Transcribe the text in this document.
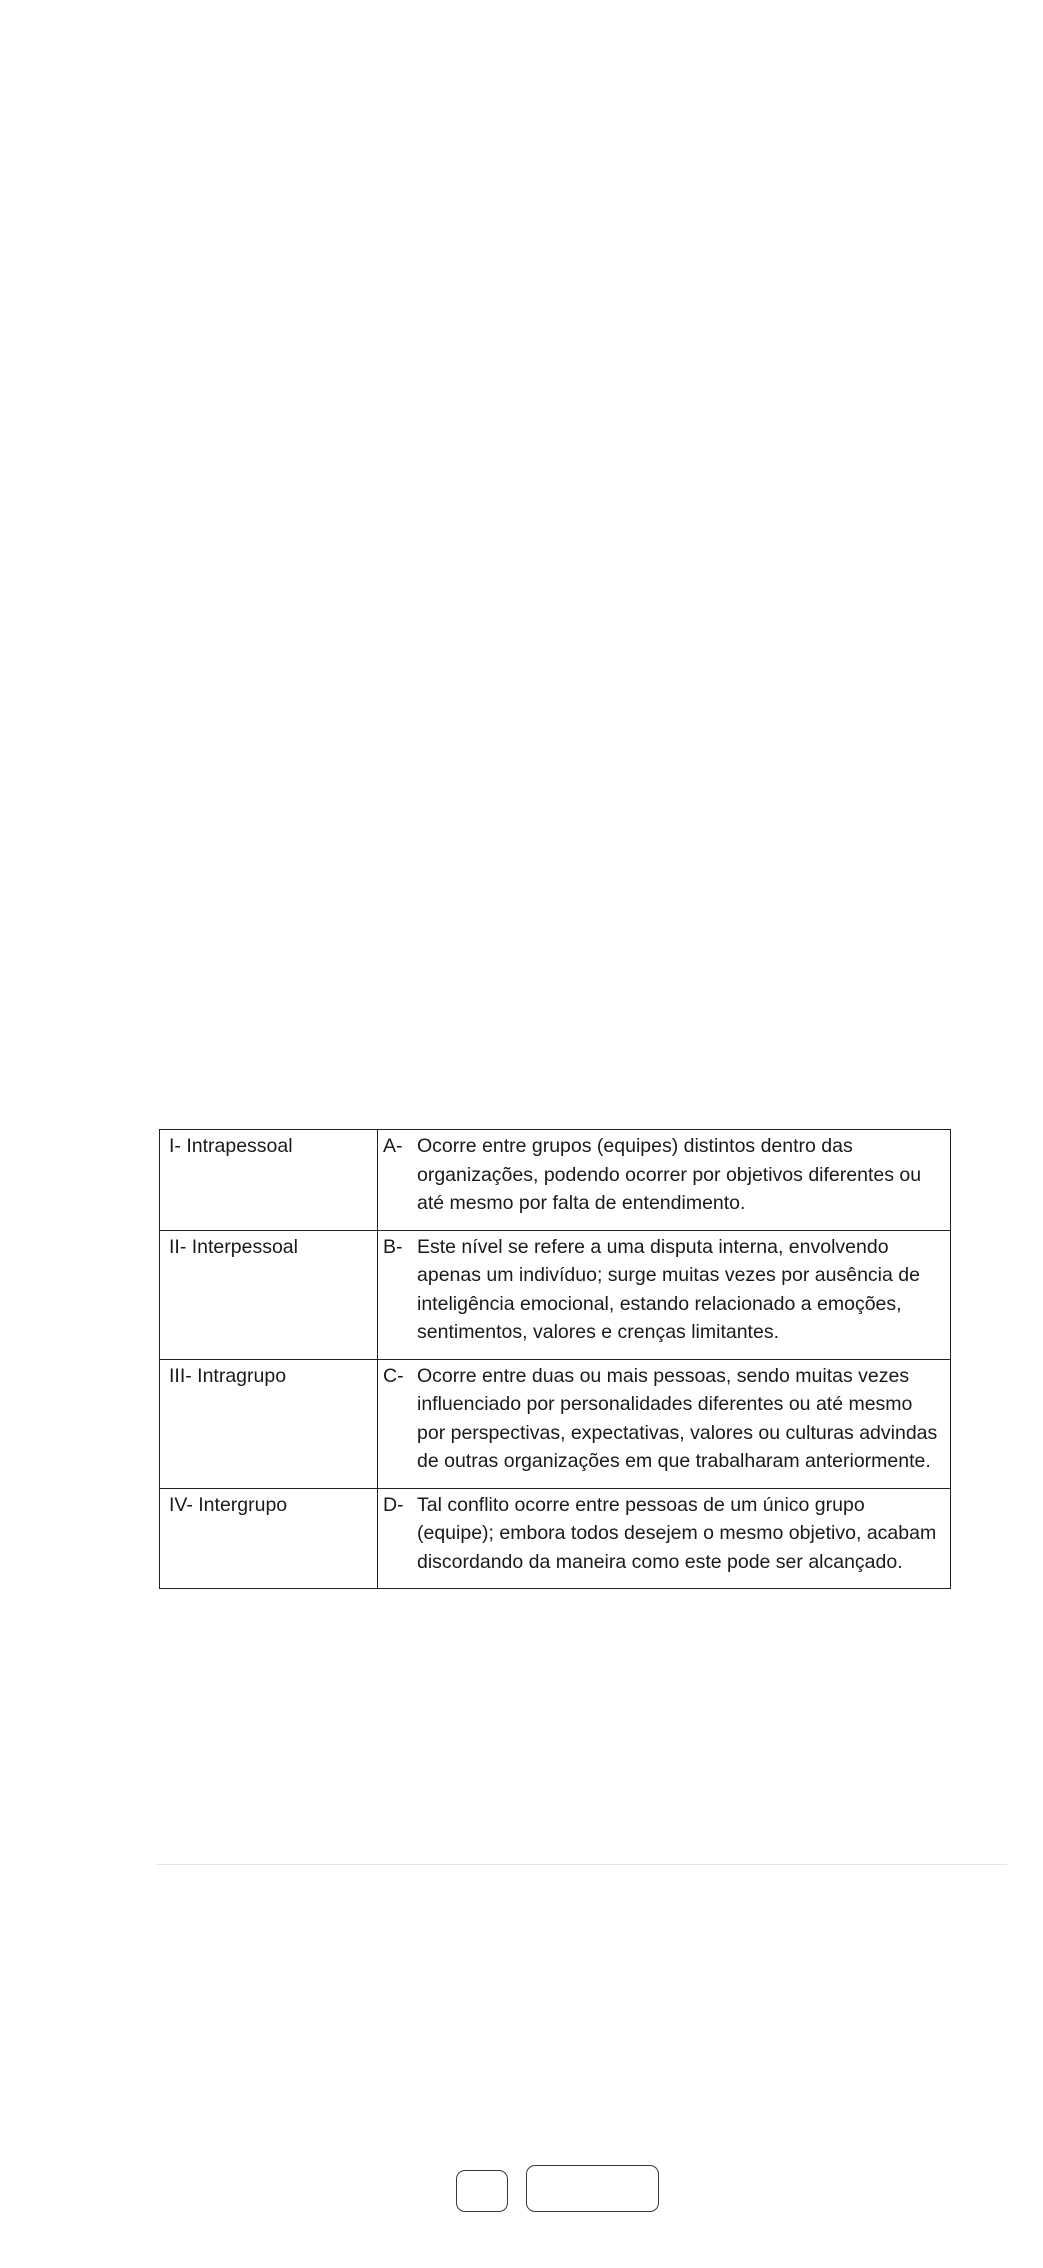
I- Intrapessoal	A- Ocorre entre grupos (equipes) distintos dentro das organizações, podendo ocorrer por objetivos diferentes ou até mesmo por falta de entendimento.

II- Interpessoal	B- Este nível se refere a uma disputa interna, envolvendo apenas um indivíduo; surge muitas vezes por ausência de inteligência emocional, estando relacionado a emoções, sentimentos, valores e crenças limitantes.

III- Intragrupo	C- Ocorre entre duas ou mais pessoas, sendo muitas vezes influenciado por personalidades diferentes ou até mesmo por perspectivas, expectativas, valores ou culturas advindas de outras organizações em que trabalharam anteriormente.

IV- Intergrupo	D- Tal conflito ocorre entre pessoas de um único grupo (equipe); embora todos desejem o mesmo objetivo, acabam discordando da maneira como este pode ser alcançado.
